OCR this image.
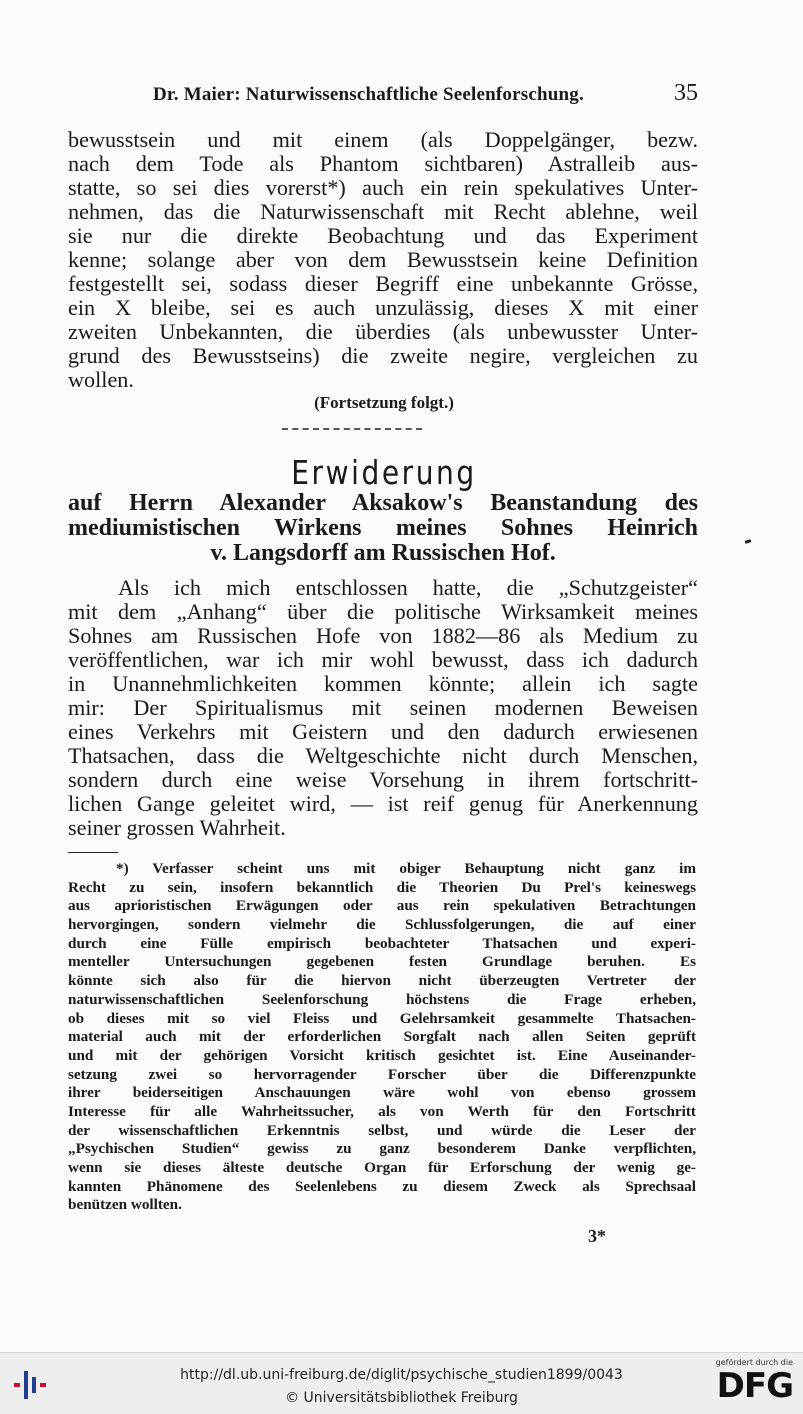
Dr. Maier: Naturwissenschaftliche Seelenforschung.	35
bewusstsein und mit einem (als Doppelgänger, bezw.
nach dem Tode als Phantom sichtbaren) Astralleib aus-
statte, so sei dies vorerst*) auch ein rein spekulatives Unter-
nehmen, das die Naturwissenschaft mit Recht ablehne, weil
sie nur die direkte Beobachtung und das Experiment
kenne; solange aber von dem Bewusstsein keine Definition
festgestellt sei, sodass dieser Begriff eine unbekannte Grösse,
ein X bleibe, sei es auch unzulässig, dieses X mit einer
zweiten Unbekannten, die überdies (als unbewusster Unter-
grund des Bewusstseins) die zweite negire, vergleichen zu
wollen.
(Fortsetzung folgt.)
Erwiderung
auf Herrn Alexander Aksakow's Beanstandung des
mediumistischen Wirkens meines Sohnes Heinrich
v. Langsdorff am Russischen Hof.
Als ich mich entschlossen hatte, die „Schutzgeister“
mit dem „Anhang“ über die politische Wirksamkeit meines
Sohnes am Russischen Hofe von 1882—86 als Medium zu
veröffentlichen, war ich mir wohl bewusst, dass ich dadurch
in Unannehmlichkeiten kommen könnte; allein ich sagte
mir: Der Spiritualismus mit seinen modernen Beweisen
eines Verkehrs mit Geistern und den dadurch erwiesenen
Thatsachen, dass die Weltgeschichte nicht durch Menschen,
sondern durch eine weise Vorsehung in ihrem fortschritt-
lichen Gange geleitet wird, — ist reif genug für Anerkennung
seiner grossen Wahrheit.
*) Verfasser scheint uns mit obiger Behauptung nicht ganz im
Recht zu sein, insofern bekanntlich die Theorien Du Prel's keineswegs
aus aprioristischen Erwägungen oder aus rein spekulativen Betrachtungen
hervorgingen, sondern vielmehr die Schlussfolgerungen, die auf einer
durch eine Fülle empirisch beobachteter Thatsachen und experi-
menteller Untersuchungen gegebenen festen Grundlage beruhen. Es
könnte sich also für die hiervon nicht überzeugten Vertreter der
naturwissenschaftlichen Seelenforschung höchstens die Frage erheben,
ob dieses mit so viel Fleiss und Gelehrsamkeit gesammelte Thatsachen-
material auch mit der erforderlichen Sorgfalt nach allen Seiten geprüft
und mit der gehörigen Vorsicht kritisch gesichtet ist. Eine Auseinander-
setzung zwei so hervorragender Forscher über die Differenzpunkte
ihrer beiderseitigen Anschauungen wäre wohl von ebenso grossem
Interesse für alle Wahrheitssucher, als von Werth für den Fortschritt
der wissenschaftlichen Erkenntnis selbst, und würde die Leser der
„Psychischen Studien“ gewiss zu ganz besonderem Danke verpflichten,
wenn sie dieses älteste deutsche Organ für Erforschung der wenig ge-
kannten Phänomene des Seelenlebens zu diesem Zweck als Sprechsaal
benützen wollten.
3*
http://dl.ub.uni-freiburg.de/diglit/psychische_studien1899/0043
© Universitätsbibliothek Freiburg
gefördert durch die
DFG
